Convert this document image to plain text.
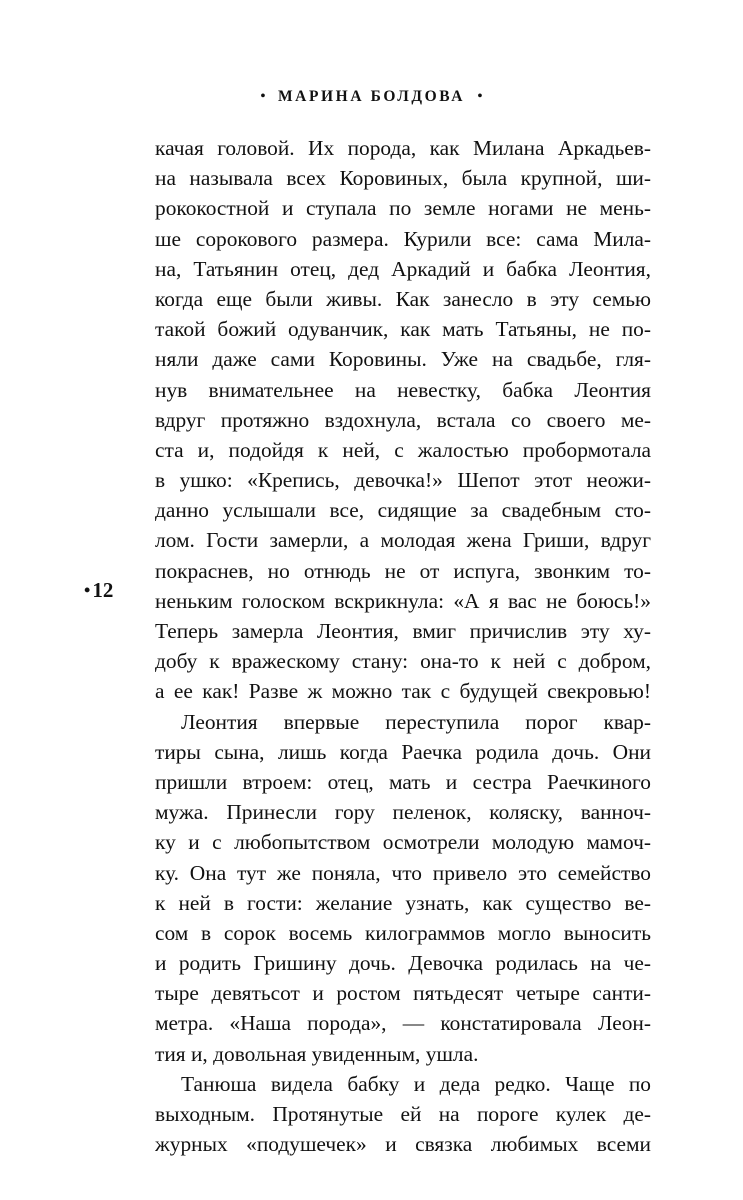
• МАРИНА БОЛДОВА •
•12
качая головой. Их порода, как Милана Аркадьев-
на называла всех Коровиных, была крупной, ши-
рококостной и ступала по земле ногами не мень-
ше сорокового размера. Курили все: сама Мила-
на, Татьянин отец, дед Аркадий и бабка Леонтия,
когда еще были живы. Как занесло в эту семью
такой божий одуванчик, как мать Татьяны, не по-
няли даже сами Коровины. Уже на свадьбе, гля-
нув внимательнее на невестку, бабка Леонтия
вдруг протяжно вздохнула, встала со своего ме-
ста и, подойдя к ней, с жалостью пробормотала
в ушко: «Крепись, девочка!» Шепот этот неожи-
данно услышали все, сидящие за свадебным сто-
лом. Гости замерли, а молодая жена Гриши, вдруг
покраснев, но отнюдь не от испуга, звонким то-
неньким голоском вскрикнула: «А я вас не боюсь!»
Теперь замерла Леонтия, вмиг причислив эту ху-
добу к вражескому стану: она-то к ней с добром,
а ее как! Разве ж можно так с будущей свекровью!
Леонтия впервые переступила порог квар-
тиры сына, лишь когда Раечка родила дочь. Они
пришли втроем: отец, мать и сестра Раечкиного
мужа. Принесли гору пеленок, коляску, ванноч-
ку и с любопытством осмотрели молодую мамоч-
ку. Она тут же поняла, что привело это семейство
к ней в гости: желание узнать, как существо ве-
сом в сорок восемь килограммов могло выносить
и родить Гришину дочь. Девочка родилась на че-
тыре девятьсот и ростом пятьдесят четыре санти-
метра. «Наша порода», — констатировала Леон-
тия и, довольная увиденным, ушла.
Танюша видела бабку и деда редко. Чаще по
выходным. Протянутые ей на пороге кулек де-
журных «подушечек» и связка любимых всеми
